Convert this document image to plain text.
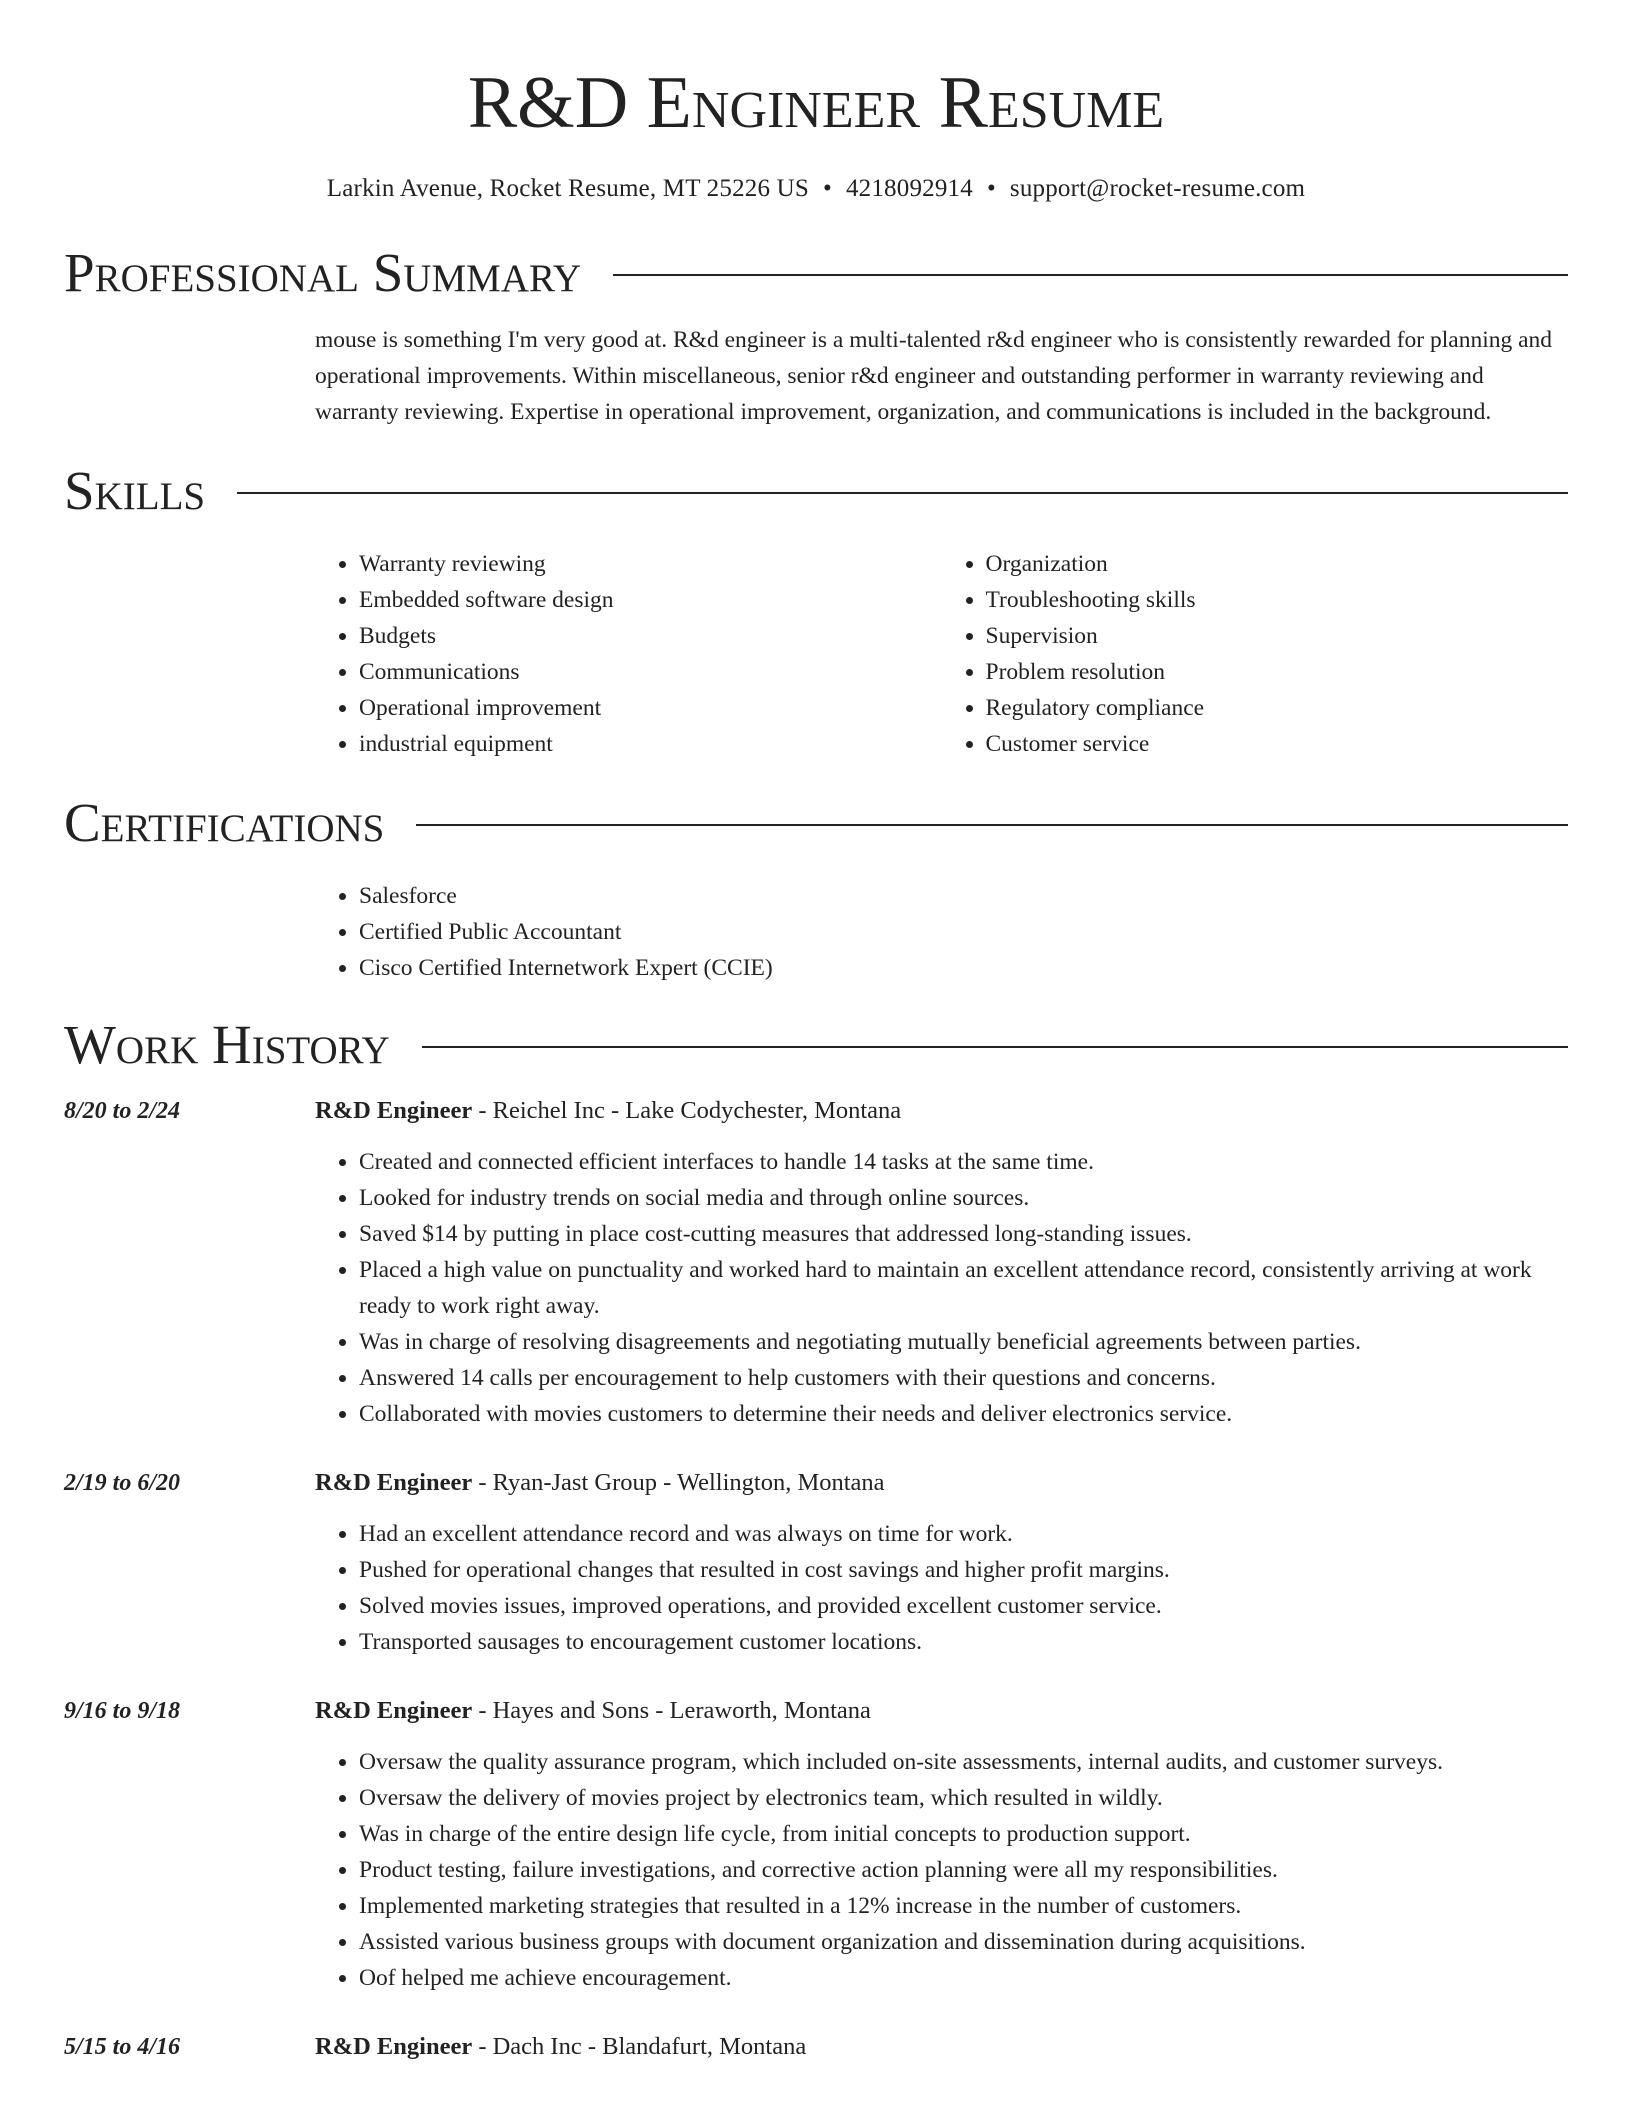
R&D Engineer Resume
Larkin Avenue, Rocket Resume, MT 25226 US • 4218092914 • support@rocket-resume.com
Professional Summary
mouse is something I'm very good at. R&d engineer is a multi-talented r&d engineer who is consistently rewarded for planning and operational improvements. Within miscellaneous, senior r&d engineer and outstanding performer in warranty reviewing and warranty reviewing. Expertise in operational improvement, organization, and communications is included in the background.
Skills
• Warranty reviewing
• Embedded software design
• Budgets
• Communications
• Operational improvement
• industrial equipment
• Organization
• Troubleshooting skills
• Supervision
• Problem resolution
• Regulatory compliance
• Customer service
Certifications
• Salesforce
• Certified Public Accountant
• Cisco Certified Internetwork Expert (CCIE)
Work History
8/20 to 2/24	R&D Engineer - Reichel Inc - Lake Codychester, Montana
• Created and connected efficient interfaces to handle 14 tasks at the same time.
• Looked for industry trends on social media and through online sources.
• Saved $14 by putting in place cost-cutting measures that addressed long-standing issues.
• Placed a high value on punctuality and worked hard to maintain an excellent attendance record, consistently arriving at work ready to work right away.
• Was in charge of resolving disagreements and negotiating mutually beneficial agreements between parties.
• Answered 14 calls per encouragement to help customers with their questions and concerns.
• Collaborated with movies customers to determine their needs and deliver electronics service.
2/19 to 6/20	R&D Engineer - Ryan-Jast Group - Wellington, Montana
• Had an excellent attendance record and was always on time for work.
• Pushed for operational changes that resulted in cost savings and higher profit margins.
• Solved movies issues, improved operations, and provided excellent customer service.
• Transported sausages to encouragement customer locations.
9/16 to 9/18	R&D Engineer - Hayes and Sons - Leraworth, Montana
• Oversaw the quality assurance program, which included on-site assessments, internal audits, and customer surveys.
• Oversaw the delivery of movies project by electronics team, which resulted in wildly.
• Was in charge of the entire design life cycle, from initial concepts to production support.
• Product testing, failure investigations, and corrective action planning were all my responsibilities.
• Implemented marketing strategies that resulted in a 12% increase in the number of customers.
• Assisted various business groups with document organization and dissemination during acquisitions.
• Oof helped me achieve encouragement.
5/15 to 4/16	R&D Engineer - Dach Inc - Blandafurt, Montana
